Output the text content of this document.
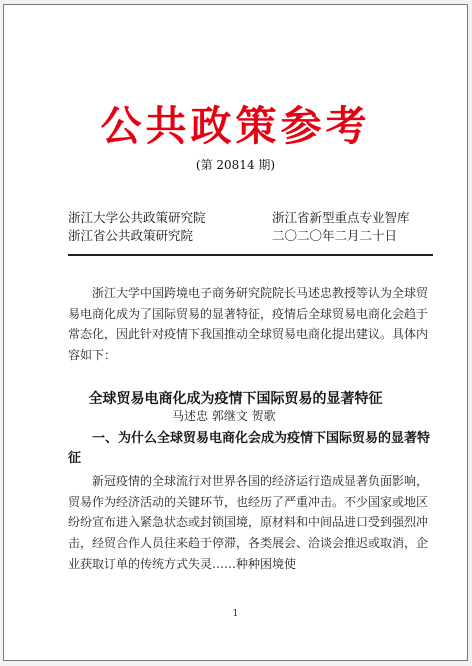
公共政策参考
(第 20814 期)
浙江大学公共政策研究院
浙江省公共政策研究院
浙江省新型重点专业智库
二〇二〇年二月二十日

浙江大学中国跨境电子商务研究院院长马述忠教授等认为全球贸易电商化成为了国际贸易的显著特征，疫情后全球贸易电商化会趋于常态化，因此针对疫情下我国推动全球贸易电商化提出建议。具体内容如下：

全球贸易电商化成为疫情下国际贸易的显著特征
马述忠 郭继文 贺歌
一、为什么全球贸易电商化会成为疫情下国际贸易的显著特征

新冠疫情的全球流行对世界各国的经济运行造成显著负面影响，贸易作为经济活动的关键环节，也经历了严重冲击。不少国家或地区纷纷宣布进入紧急状态或封锁国境，原材料和中间品进口受到强烈冲击，经贸合作人员往来趋于停滞，各类展会、洽谈会推迟或取消，企业获取订单的传统方式失灵……种种困境使

1
